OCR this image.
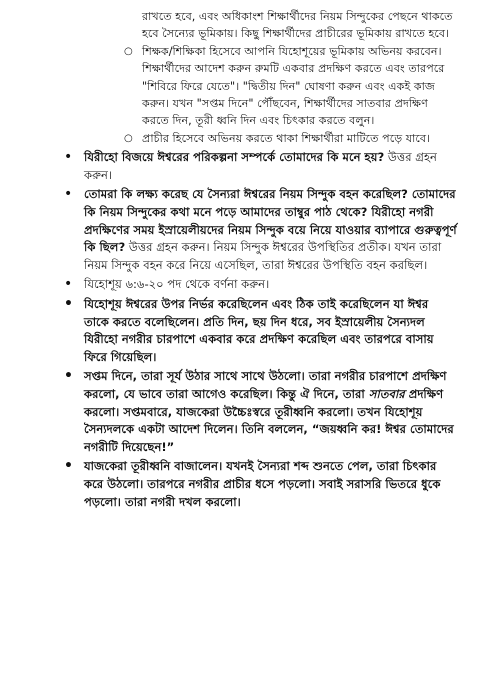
রাখতে হবে, এবং অধিকাংশ শিক্ষার্থীদের নিয়ম সিন্দুকের পেছনে থাকতে হবে সৈন্যের ভূমিকায়। কিছু শিক্ষার্থীদের প্রাচীরের ভূমিকায় রাখতে হবে।
○ শিক্ষক/শিক্ষিকা হিসেবে আপনি যিহোশূয়ের ভূমিকায় অভিনয় করবেন। শিক্ষার্থীদের আদেশ করুন রুমটি একবার প্রদক্ষিণ করতে এবং তারপরে "শিবিরে ফিরে যেতে"। "দ্বিতীয় দিন" ঘোষণা করুন এবং একই কাজ করুন। যখন "সপ্তম দিনে" পৌঁছবেন, শিক্ষার্থীদের সাতবার প্রদক্ষিণ করতে দিন, তূরী ধ্বনি দিন এবং চিৎকার করতে বলুন।
○ প্রাচীর হিসেবে অভিনয় করতে থাকা শিক্ষার্থীরা মাটিতে পড়ে যাবে।
• যিরীহো বিজয়ে ঈশ্বরের পরিকল্পনা সম্পর্কে তোমাদের কি মনে হয়? উত্তর গ্রহন করুন।
• তোমরা কি লক্ষ্য করেছ যে সৈন্যরা ঈশ্বরের নিয়ম সিন্দুক বহন করেছিল? তোমাদের কি নিয়ম সিন্দুকের কথা মনে পড়ে আমাদের তাম্বুর পাঠ থেকে? যিরীহো নগরী প্রদক্ষিণের সময় ইস্রায়েলীয়দের নিয়ম সিন্দুক বয়ে নিয়ে যাওয়ার ব্যাপারে গুরুত্বপূর্ণ কি ছিল? উত্তর গ্রহন করুন। নিয়ম সিন্দুক ঈশ্বরের উপস্থিতির প্রতীক। যখন তারা নিয়ম সিন্দুক বহন করে নিয়ে এসেছিল, তারা ঈশ্বরের উপস্থিতি বহন করছিল।
• যিহোশূয় ৬:৬-২০ পদ থেকে বর্ণনা করুন।
• যিহোশূয় ঈশ্বরের উপর নির্ভর করেছিলেন এবং ঠিক তাই করেছিলেন যা ঈশ্বর তাকে করতে বলেছিলেন। প্রতি দিন, ছয় দিন ধরে, সব ইস্রায়েলীয় সৈন্যদল যিরীহো নগরীর চারপাশে একবার করে প্রদক্ষিণ করেছিল এবং তারপরে বাসায় ফিরে গিয়েছিল।
• সপ্তম দিনে, তারা সূর্য উঠার সাথে সাথে উঠলো। তারা নগরীর চারপাশে প্রদক্ষিণ করলো, যে ভাবে তারা আগেও করেছিল। কিন্তু ঐ দিনে, তারা সাতবার প্রদক্ষিণ করলো। সপ্তমবারে, যাজকেরা উচ্চৈঃস্বরে তূরীধ্বনি করলো। তখন যিহোশূয় সৈন্যদলকে একটা আদেশ দিলেন। তিনি বললেন, “জয়ধ্বনি কর! ঈশ্বর তোমাদের নগরীটি দিয়েছেন!”
• যাজকেরা তূরীধ্বনি বাজালেন। যখনই সৈন্যরা শব্দ শুনতে পেল, তারা চিৎকার করে উঠলো। তারপরে নগরীর প্রাচীর ধসে পড়লো। সবাই সরাসরি ভিতরে ধুকে পড়লো। তারা নগরী দখল করলো।
